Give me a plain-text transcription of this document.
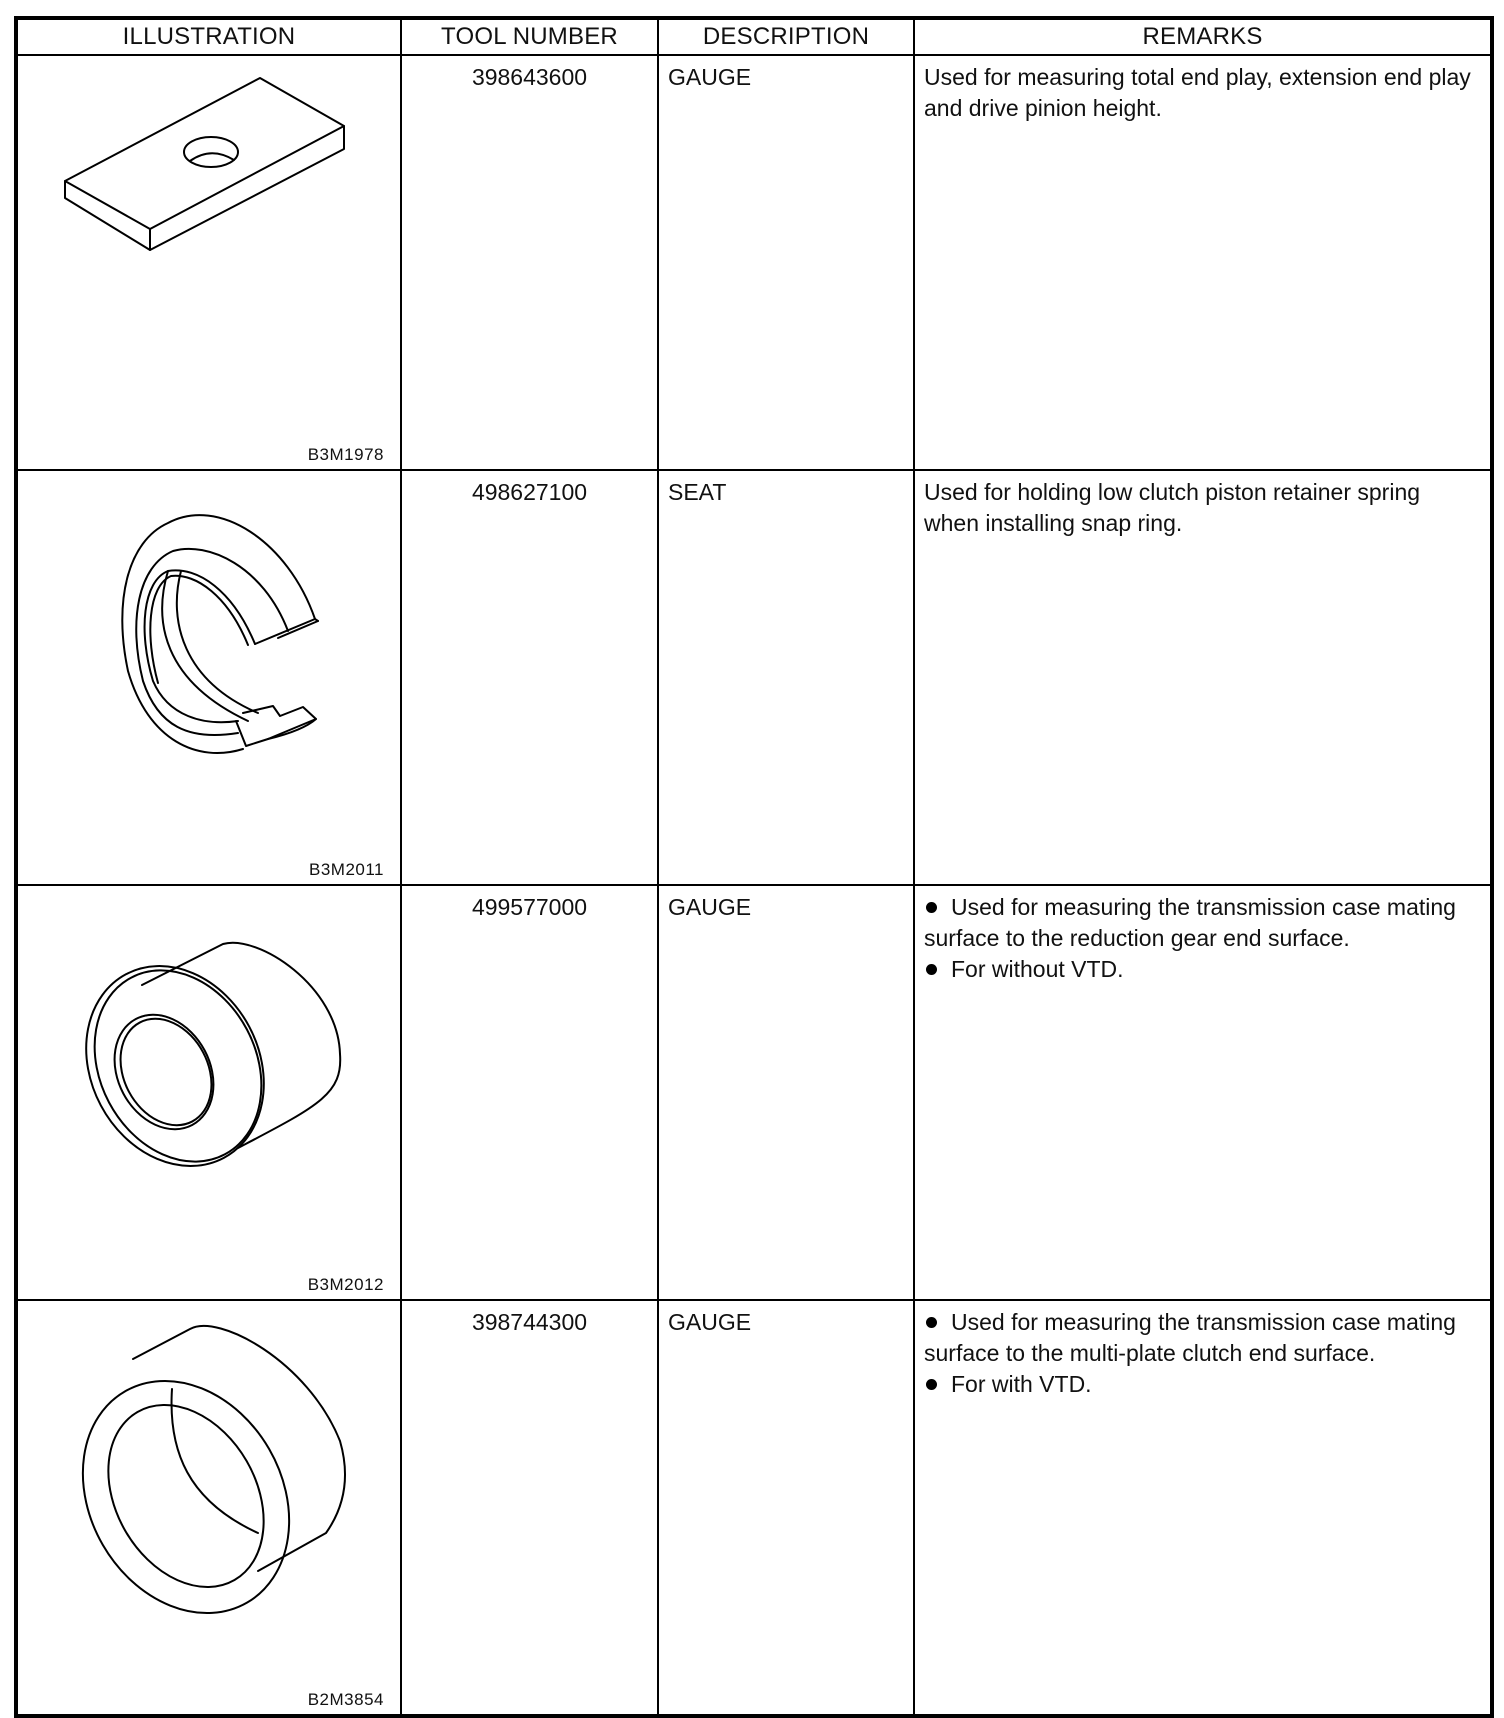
ILLUSTRATION	TOOL NUMBER	DESCRIPTION	REMARKS

B3M1978	398643600	GAUGE	Used for measuring total end play, extension end play and drive pinion height.

B3M2011	498627100	SEAT	Used for holding low clutch piston retainer spring when installing snap ring.

B3M2012	499577000	GAUGE	Used for measuring the transmission case mating surface to the reduction gear end surface.

For without VTD.

B2M3854	398744300	GAUGE	Used for measuring the transmission case mating surface to the multi-plate clutch end surface.

For with VTD.
